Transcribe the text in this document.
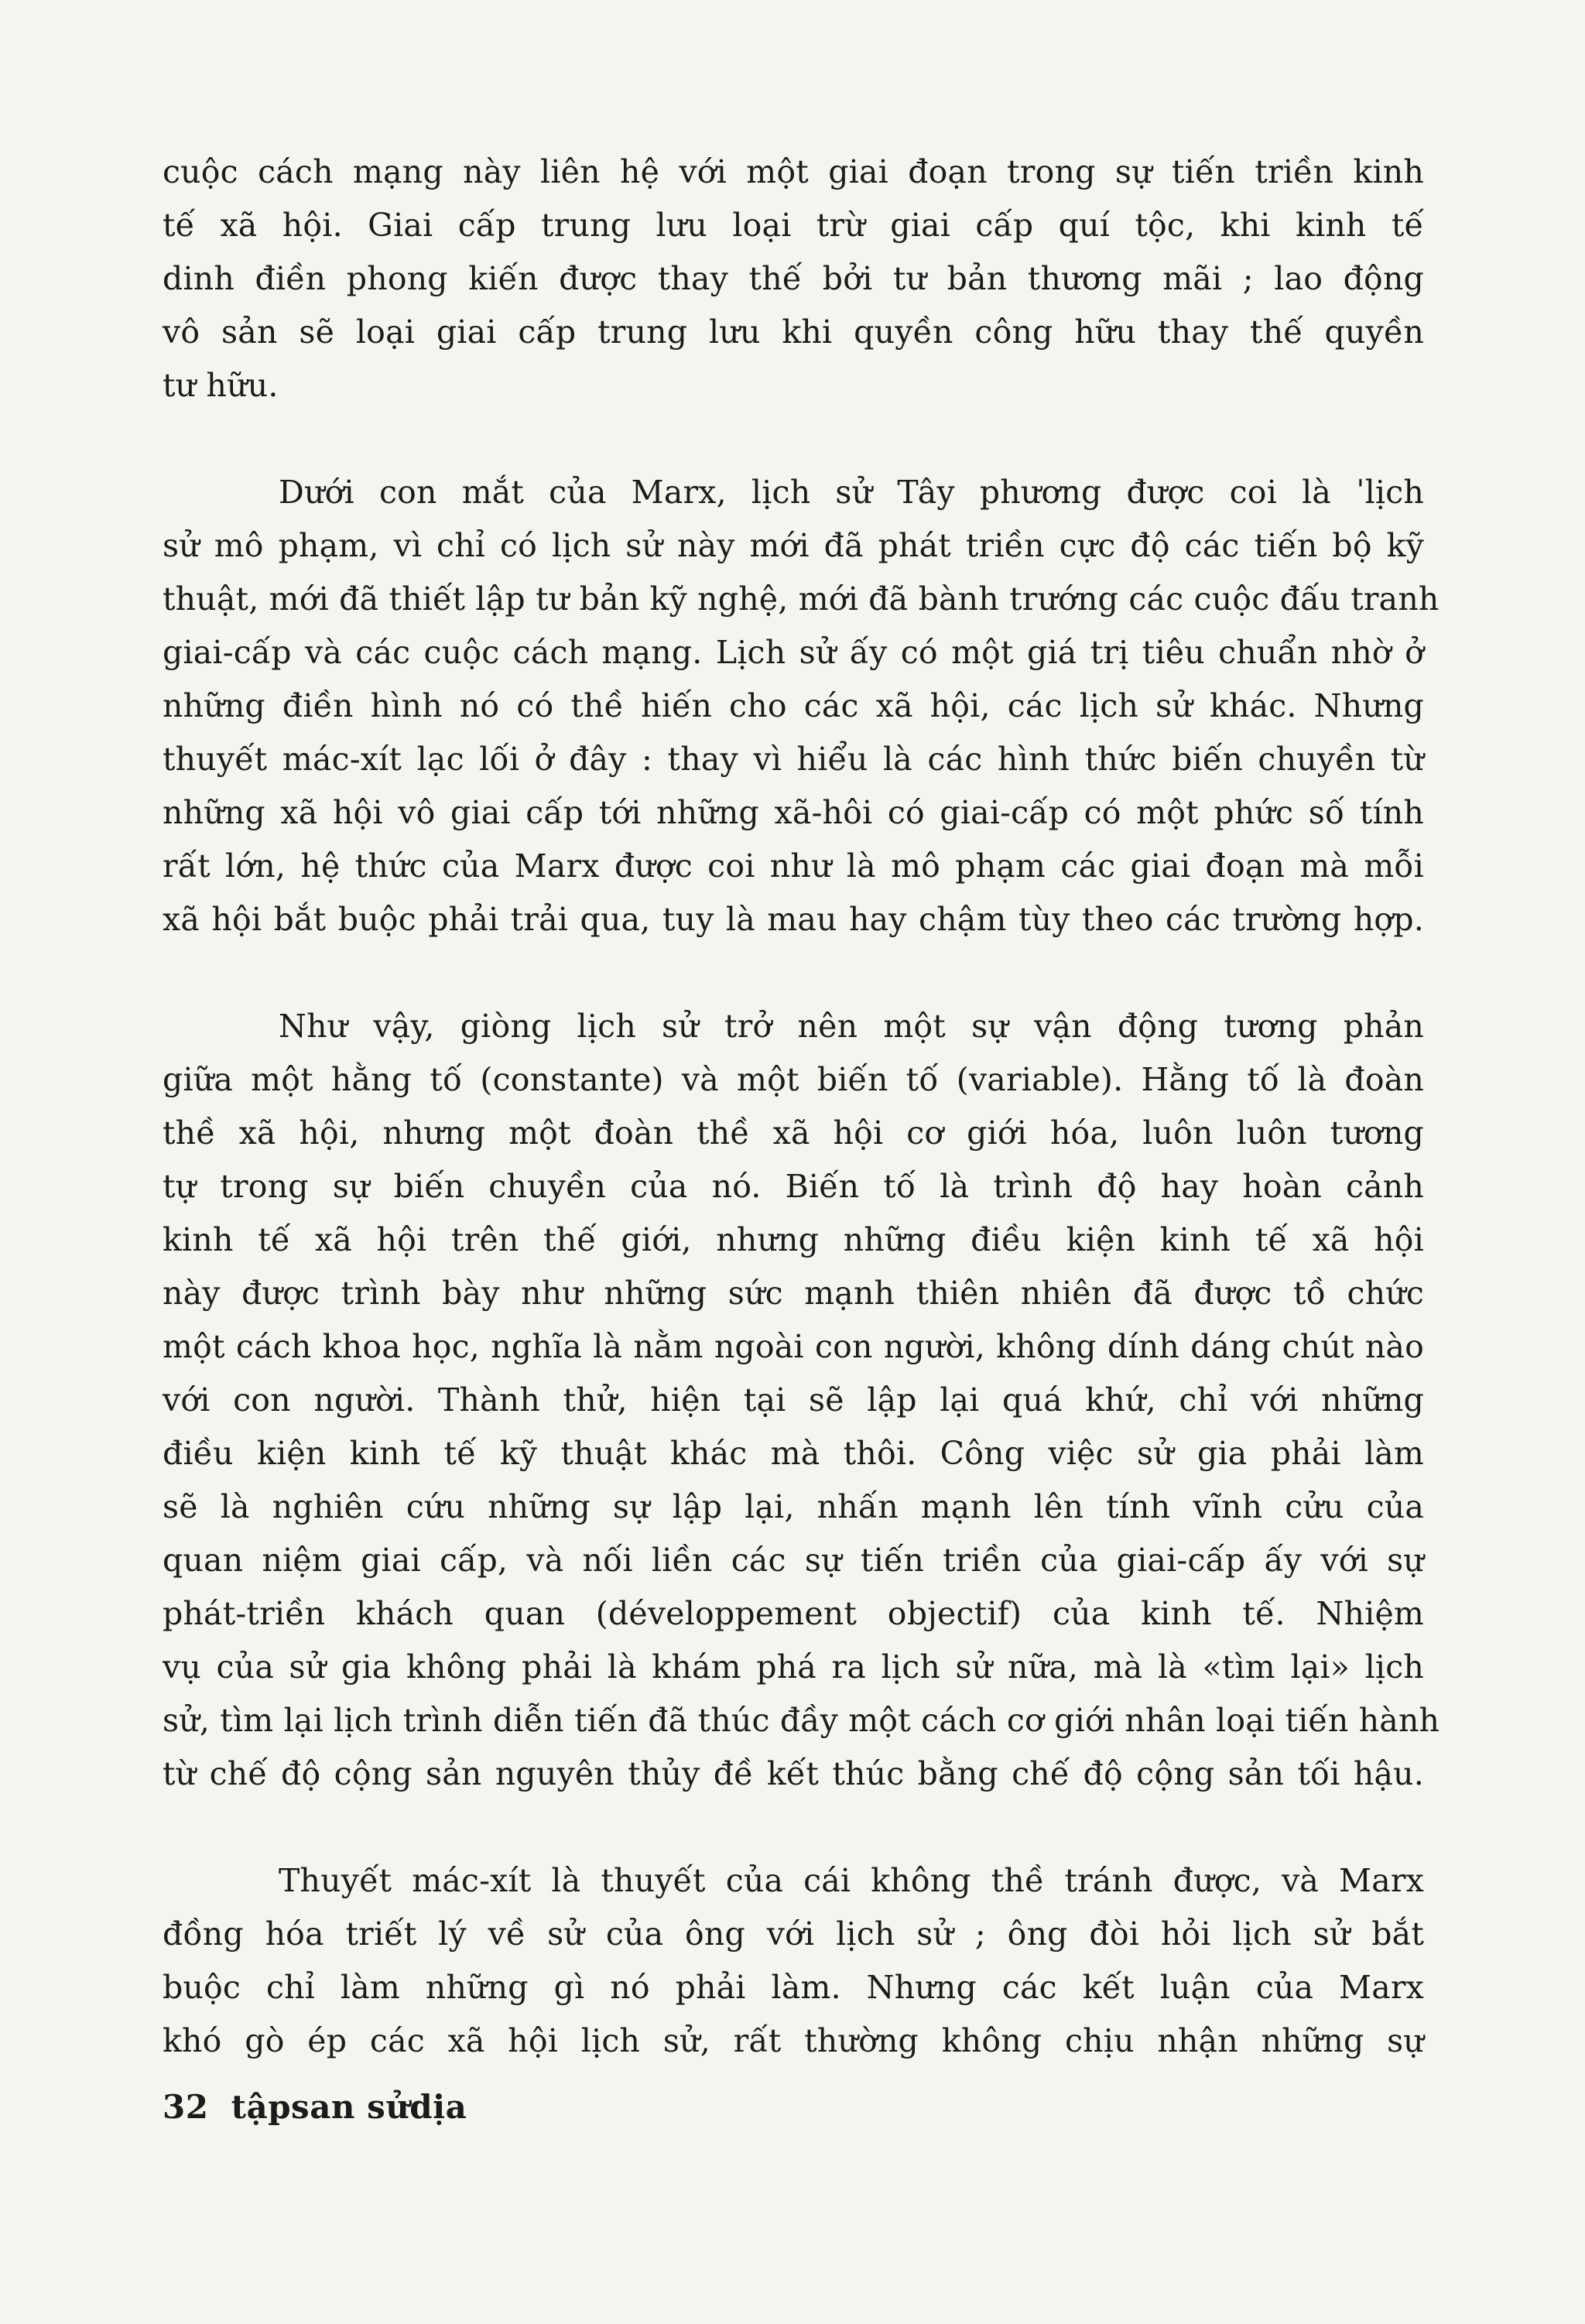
cuộc cách mạng này liên hệ với một giai đoạn trong sự tiến triền kinh
tế xã hội. Giai cấp trung lưu loại trừ giai cấp quí tộc, khi kinh tế
dinh điền phong kiến được thay thế bởi tư bản thương mãi ; lao động
vô sản sẽ loại giai cấp trung lưu khi quyền công hữu thay thế quyền
tư hữu.

Dưới con mắt của Marx, lịch sử Tây phương được coi là ˈlịch
sử mô phạm, vì chỉ có lịch sử này mới đã phát triền cực độ các tiến bộ kỹ
thuật, mới đã thiết lập tư bản kỹ nghệ, mới đã bành trướng các cuộc đấu tranh
giai-cấp và các cuộc cách mạng. Lịch sử ấy có một giá trị tiêu chuẩn nhờ ở
những điền hình nó có thề hiến cho các xã hội, các lịch sử khác. Nhưng
thuyết mác-xít lạc lối ở đây : thay vì hiểu là các hình thức biến chuyền từ
những xã hội vô giai cấp tới những xã-hôi có giai-cấp có một phức số tính
rất lớn, hệ thức của Marx được coi như là mô phạm các giai đoạn mà mỗi
xã hội bắt buộc phải trải qua, tuy là mau hay chậm tùy theo các trường hợp.

Như vậy, giòng lịch sử trở nên một sự vận động tương phản
giữa một hằng tố (constante) và một biến tố (variable). Hằng tố là đoàn
thề xã hội, nhưng một đoàn thề xã hội cơ giới hóa, luôn luôn tương
tự trong sự biến chuyền của nó. Biến tố là trình độ hay hoàn cảnh
kinh tế xã hội trên thế giới, nhưng những điều kiện kinh tế xã hội
này được trình bày như những sức mạnh thiên nhiên đã được tồ chức
một cách khoa học, nghĩa là nằm ngoài con người, không dính dáng chút nào
với con người. Thành thử, hiện tại sẽ lập lại quá khứ, chỉ với những
điều kiện kinh tế kỹ thuật khác mà thôi. Công việc sử gia phải làm
sẽ là nghiên cứu những sự lập lại, nhấn mạnh lên tính vĩnh cửu của
quan niệm giai cấp, và nối liền các sự tiến triền của giai-cấp ấy với sự
phát-triền khách quan (développement objectif) của kinh tế. Nhiệm
vụ của sử gia không phải là khám phá ra lịch sử nữa, mà là «tìm lại» lịch
sử, tìm lại lịch trình diễn tiến đã thúc đầy một cách cơ giới nhân loại tiến hành
từ chế độ cộng sản nguyên thủy đề kết thúc bằng chế độ cộng sản tối hậu.

Thuyết mác-xít là thuyết của cái không thề tránh được, và Marx
đồng hóa triết lý về sử của ông với lịch sử ; ông đòi hỏi lịch sử bắt
buộc chỉ làm những gì nó phải làm. Nhưng các kết luận của Marx
khó gò ép các xã hội lịch sử, rất thường không chịu nhận những sự

32 tậpsan sửdịa
